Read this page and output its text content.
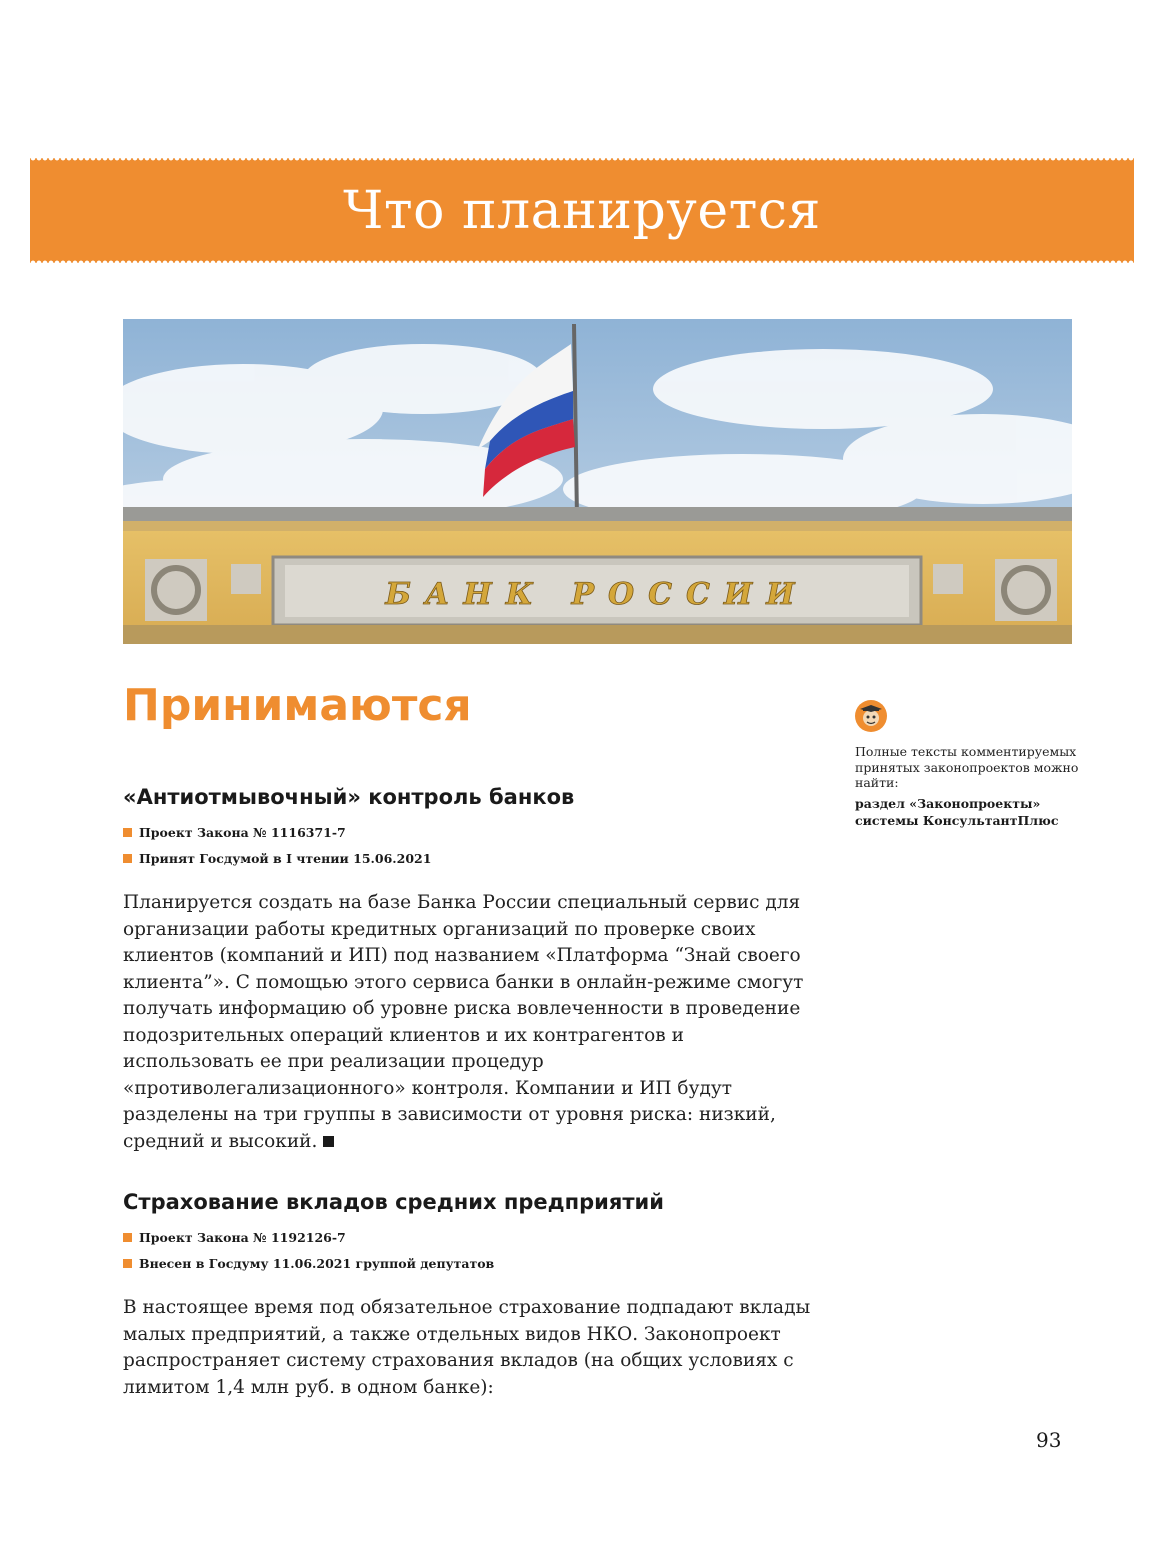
Что планируется
БАНК РОССИИ
Принимаются
«Антиотмывочный» контроль банков
Проект Закона № 1116371-7
Принят Госдумой в I чтении 15.06.2021

Планируется создать на базе Банка России специальный сервис для организации работы кредитных организаций по проверке своих клиентов (компаний и ИП) под названием «Платформа “Знай своего клиента”». С помощью этого сервиса банки в онлайн-режиме смогут получать информацию об уровне риска вовлеченности в проведение подозрительных операций клиентов и их контрагентов и использовать ее при реализации процедур «противолегализационного» контроля. Компании и ИП будут разделены на три группы в зависимости от уровня риска: низкий, средний и высокий.

Страхование вкладов средних предприятий
Проект Закона № 1192126-7
Внесен в Госдуму 11.06.2021 группой депутатов

В настоящее время под обязательное страхование подпадают вклады малых предприятий, а также отдельных видов НКО. Законопроект распространяет систему страхования вкладов (на общих условиях с лимитом 1,4 млн руб. в одном банке):

Полные тексты комментируемых принятых законопроектов можно найти:

раздел «Законопроекты» системы КонсультантПлюс

93
